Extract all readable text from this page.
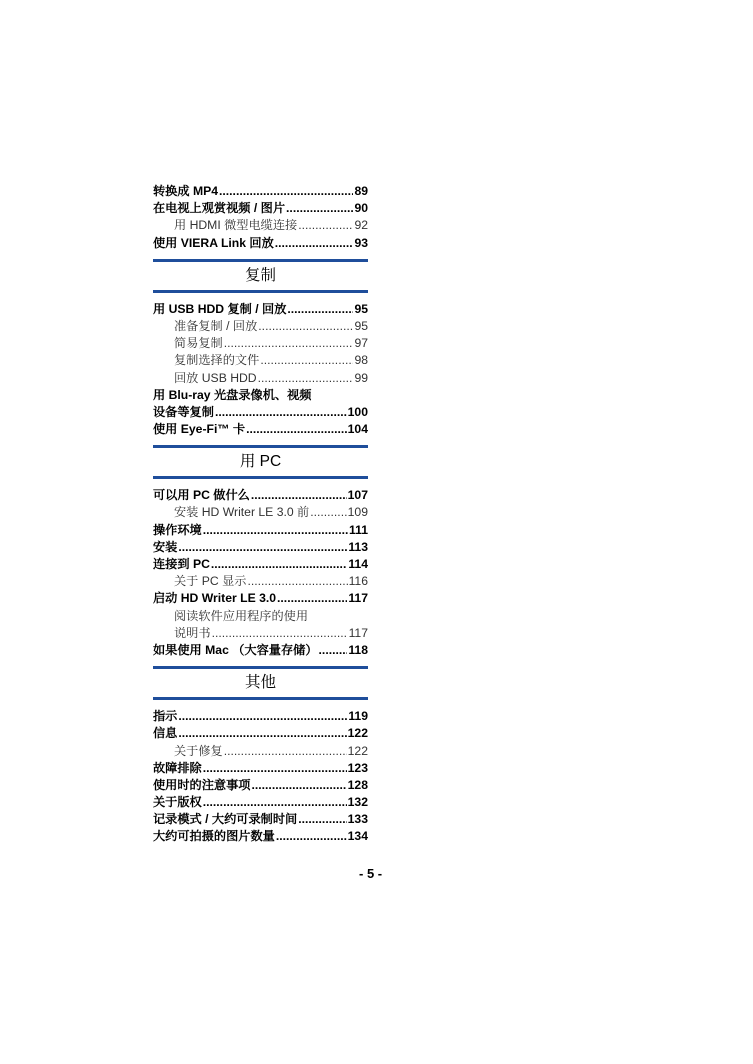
转换成 MP4 .....	89
在电视上观赏视频 / 图片 .....	90
用 HDMI 微型电缆连接 .....	92
使用 VIERA Link 回放 .....	93
复制
用 USB HDD 复制 / 回放 .....	95
准备复制 / 回放 .....	95
简易复制 .....	97
复制选择的文件 .....	98
回放 USB HDD .....	99
用 Blu-ray 光盘录像机、视频
设备等复制 .....	100
使用 Eye-Fi™ 卡 .....	104
用 PC
可以用 PC 做什么 .....	107
安装 HD Writer LE 3.0 前 .....	109
操作环境 .....	111
安装 .....	113
连接到 PC .....	114
关于 PC 显示 .....	116
启动 HD Writer LE 3.0 .....	117
阅读软件应用程序的使用
说明书 .....	117
如果使用 Mac （大容量存储） .....	118
其他
指示 .....	119
信息 .....	122
关于修复 .....	122
故障排除 .....	123
使用时的注意事项 .....	128
关于版权 .....	132
记录模式 / 大约可录制时间 .....	133
大约可拍摄的图片数量 .....	134
- 5 -
